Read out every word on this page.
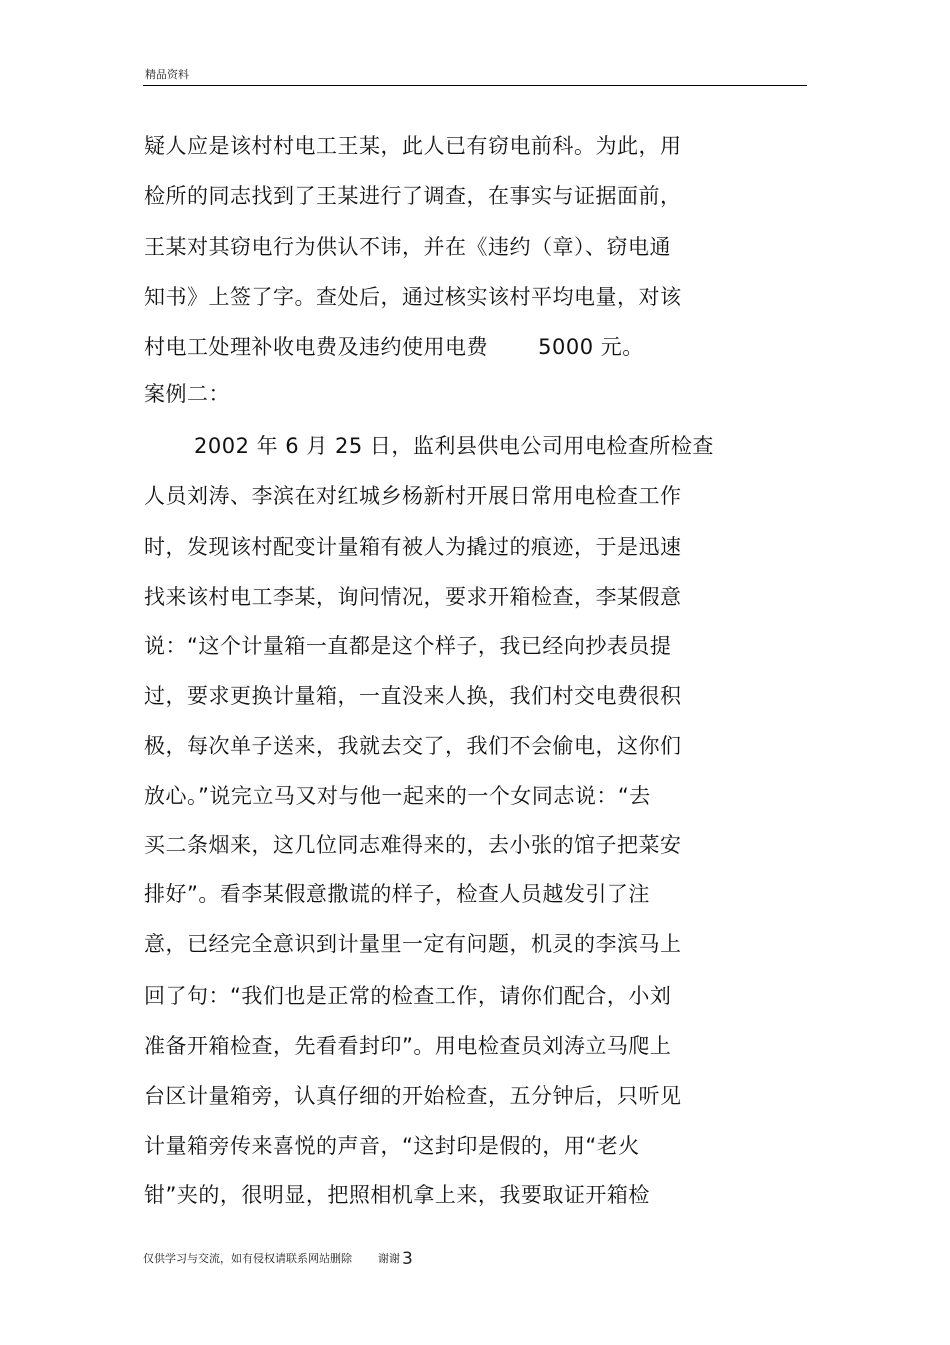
精品资料
疑人应是该村村电工王某，此人已有窃电前科。为此，用
检所的同志找到了王某进行了调查，在事实与证据面前，
王某对其窃电行为供认不讳，并在《违约（章）、窃电通
知书》上签了字。查处后，通过核实该村平均电量，对该
村电工处理补收电费及违约使用电费　　 5000 元。
案例二：
2002 年 6 月 25 日，监利县供电公司用电检查所检查
人员刘涛、李滨在对红城乡杨新村开展日常用电检查工作
时，发现该村配变计量箱有被人为撬过的痕迹，于是迅速
找来该村电工李某，询问情况，要求开箱检查，李某假意
说：“这个计量箱一直都是这个样子，我已经向抄表员提
过，要求更换计量箱，一直没来人换，我们村交电费很积
极，每次单子送来，我就去交了，我们不会偷电，这你们
放心。”说完立马又对与他一起来的一个女同志说：“去
买二条烟来，这几位同志难得来的，去小张的馆子把菜安
排好”。看李某假意撒谎的样子，检查人员越发引了注
意，已经完全意识到计量里一定有问题，机灵的李滨马上
回了句：“我们也是正常的检查工作，请你们配合，小刘
准备开箱检查，先看看封印”。用电检查员刘涛立马爬上
台区计量箱旁，认真仔细的开始检查，五分钟后，只听见
计量箱旁传来喜悦的声音，“这封印是假的，用“老火
钳”夹的，很明显，把照相机拿上来，我要取证开箱检
仅供学习与交流，如有侵权请联系网站删除 谢谢 3
